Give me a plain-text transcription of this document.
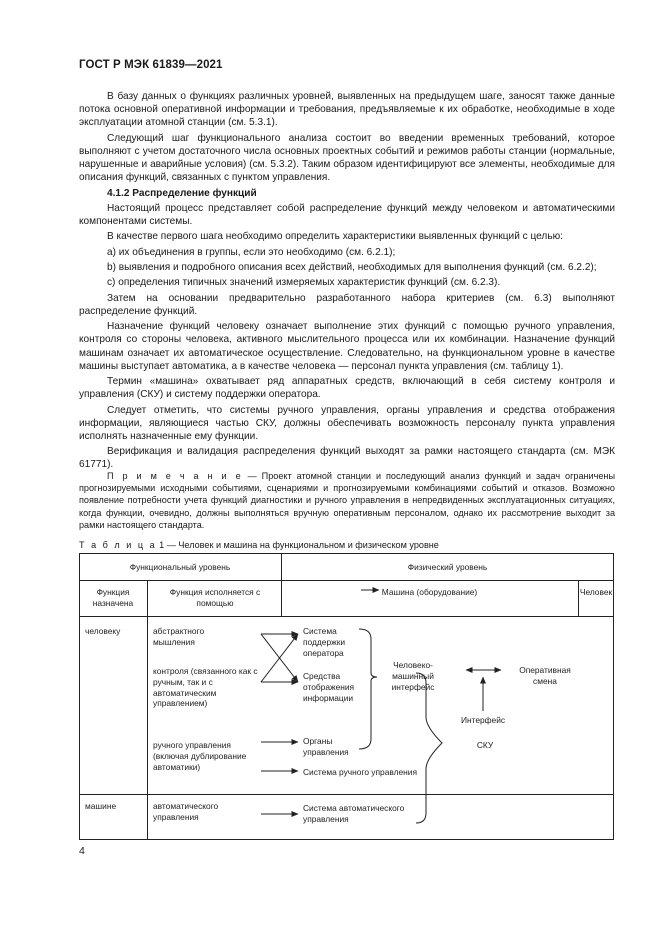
ГОСТ Р МЭК 61839—2021

В базу данных о функциях различных уровней, выявленных на предыдущем шаге, заносят также данные потока основной оперативной информации и требования, предъявляемые к их обработке, необходимые в ходе эксплуатации атомной станции (см. 5.3.1).

Следующий шаг функционального анализа состоит во введении временных требований, которое выполняют с учетом достаточного числа основных проектных событий и режимов работы станции (нормальные, нарушенные и аварийные условия) (см. 5.3.2). Таким образом идентифицируют все элементы, необходимые для описания функций, связанных с пунктом управления.

4.1.2 Распределение функций

Настоящий процесс представляет собой распределение функций между человеком и автоматическими компонентами системы.

В качестве первого шага необходимо определить характеристики выявленных функций с целью:

а) их объединения в группы, если это необходимо (см. 6.2.1);

b) выявления и подробного описания всех действий, необходимых для выполнения функций (см. 6.2.2);

с) определения типичных значений измеряемых характеристик функций (см. 6.2.3).

Затем на основании предварительно разработанного набора критериев (см. 6.3) выполняют распределение функций.

Назначение функций человеку означает выполнение этих функций с помощью ручного управления, контроля со стороны человека, активного мыслительного процесса или их комбинации. Назначение функций машинам означает их автоматическое осуществление. Следовательно, на функциональном уровне в качестве машины выступает автоматика, а в качестве человека — персонал пункта управления (см. таблицу 1).

Термин «машина» охватывает ряд аппаратных средств, включающий в себя систему контроля и управления (СКУ) и систему поддержки оператора.

Следует отметить, что системы ручного управления, органы управления и средства отображения информации, являющиеся частью СКУ, должны обеспечивать возможность персоналу пункта управления исполнять назначенные ему функции.

Верификация и валидация распределения функций выходят за рамки настоящего стандарта (см. МЭК 61771).

П р и м е ч а н и е — Проект атомной станции и последующий анализ функций и задач ограничены прогнозируемыми исходными событиями, сценариями и прогнозируемыми комбинациями событий и отказов. Возможно появление потребности учета функций диагностики и ручного управления в непредвиденных эксплуатационных ситуациях, когда функции, очевидно, должны выполняться вручную оперативным персоналом, однако их рассмотрение выходит за рамки настоящего стандарта.
Т а б л и ц а 1 — Человек и машина на функциональном и физическом уровне
Функциональный уровень	Физический уровень
Функция назначена
Функция исполняется с помощью
Машина (оборудование)	Человек
человеку
машине
абстрактного мышления
контроля (связанного как с ручным, так и с автоматическим управлением)
ручного управления (включая дублирование автоматики)
автоматического управления
Система поддержки оператора
Средства отображения информации
Органы управления
Система ручного управления
Система автоматического управления
Человеко-машинный интерфейс
Оперативная смена
Интерфейс
СКУ
4
